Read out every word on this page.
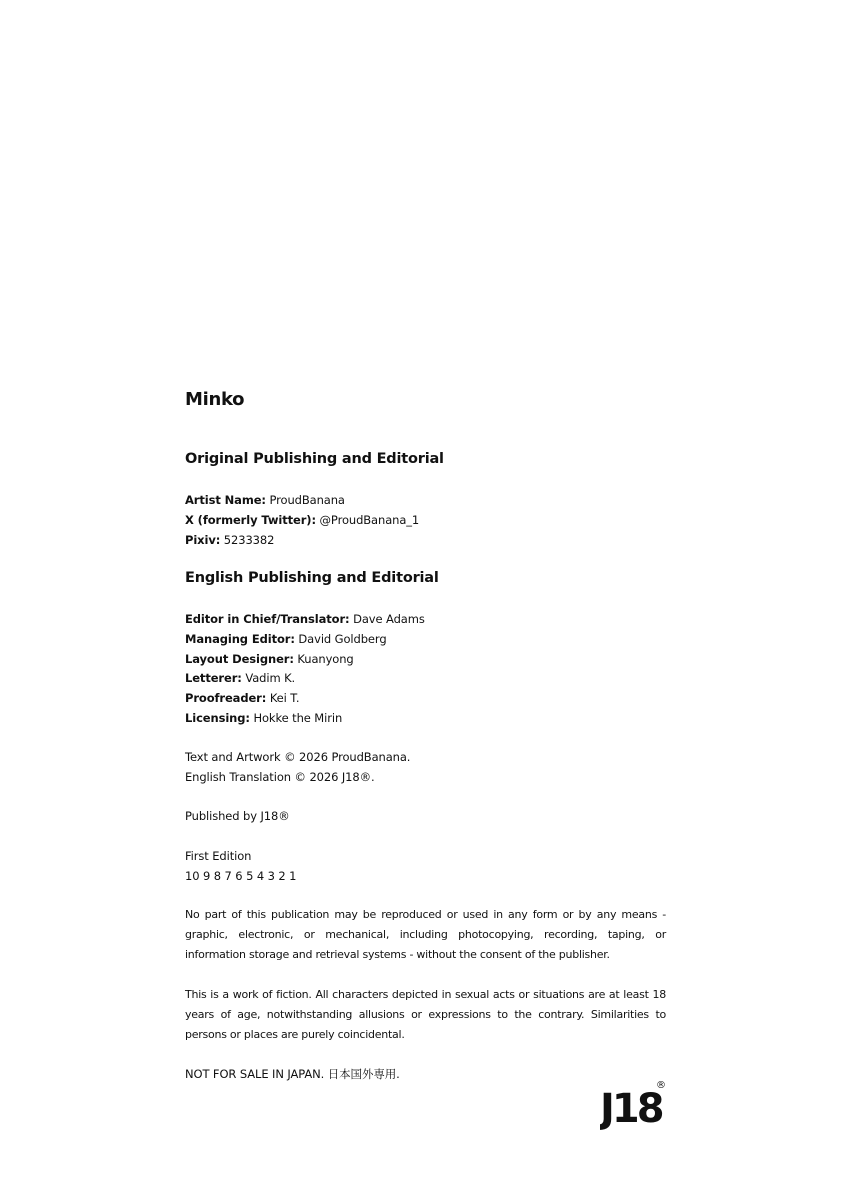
Minko
Original Publishing and Editorial
Artist Name: ProudBanana
X (formerly Twitter): @ProudBanana_1
Pixiv: 5233382
English Publishing and Editorial
Editor in Chief/Translator: Dave Adams
Managing Editor: David Goldberg
Layout Designer: Kuanyong
Letterer: Vadim K.
Proofreader: Kei T.
Licensing: Hokke the Mirin
Text and Artwork © 2026 ProudBanana.
English Translation © 2026 J18®.
Published by J18®
First Edition
10 9 8 7 6 5 4 3 2 1
No part of this publication may be reproduced or used in any form or by any means - graphic, electronic, or mechanical, including photocopying, recording, taping, or information storage and retrieval systems - without the consent of the publisher.
This is a work of fiction. All characters depicted in sexual acts or situations are at least 18 years of age, notwithstanding allusions or expressions to the contrary. Similarities to persons or places are purely coincidental.
NOT FOR SALE IN JAPAN. 日本国外専用.
J18
®
